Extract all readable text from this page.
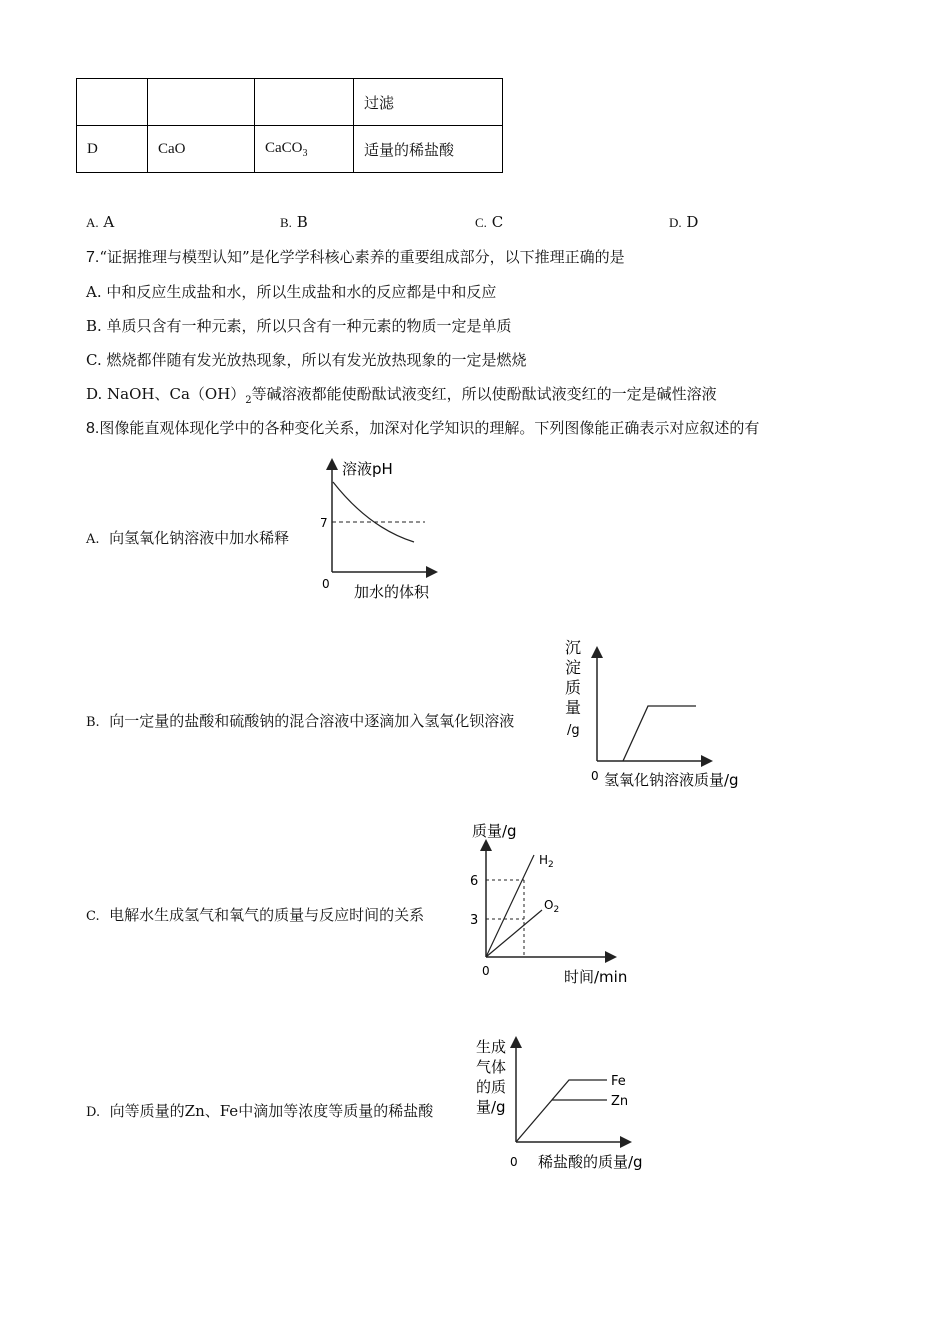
			过滤
D	CaO	CaCO$_3$	适量的稀盐酸
A. A	B. B	C. C	D. D
7.“证据推理与模型认知”是化学学科核心素养的重要组成部分，以下推理正确的是
A. 中和反应生成盐和水，所以生成盐和水的反应都是中和反应
B. 单质只含有一种元素，所以只含有一种元素的物质一定是单质
C. 燃烧都伴随有发光放热现象，所以有发光放热现象的一定是燃烧
D. NaOH、$Ca(OH)_2$等碱溶液都能使酚酞试液变红，所以使酚酞试液变红的一定是碱性溶液
8.图像能直观体现化学中的各种变化关系，加深对化学知识的理解。下列图像能正确表示对应叙述的有
A. 向氢氧化钠溶液中加水稀释
B. 向一定量的盐酸和硫酸钠的混合溶液中逐滴加入氢氧化钡溶液
C. 电解水生成氢气和氧气的质量与反应时间的关系
D. 向等质量的Zn、Fe中滴加等浓度等质量的稀盐酸
溶液pH
7
0 加水的体积
沉
淀
质
量
/g
0 氢氧化钠溶液质量/g
质量/g
6
3
$H_2$
$O_2$
0	时间/min
生成
气体
的质
量/g
Fe
Zn
0 稀盐酸的质量/g
